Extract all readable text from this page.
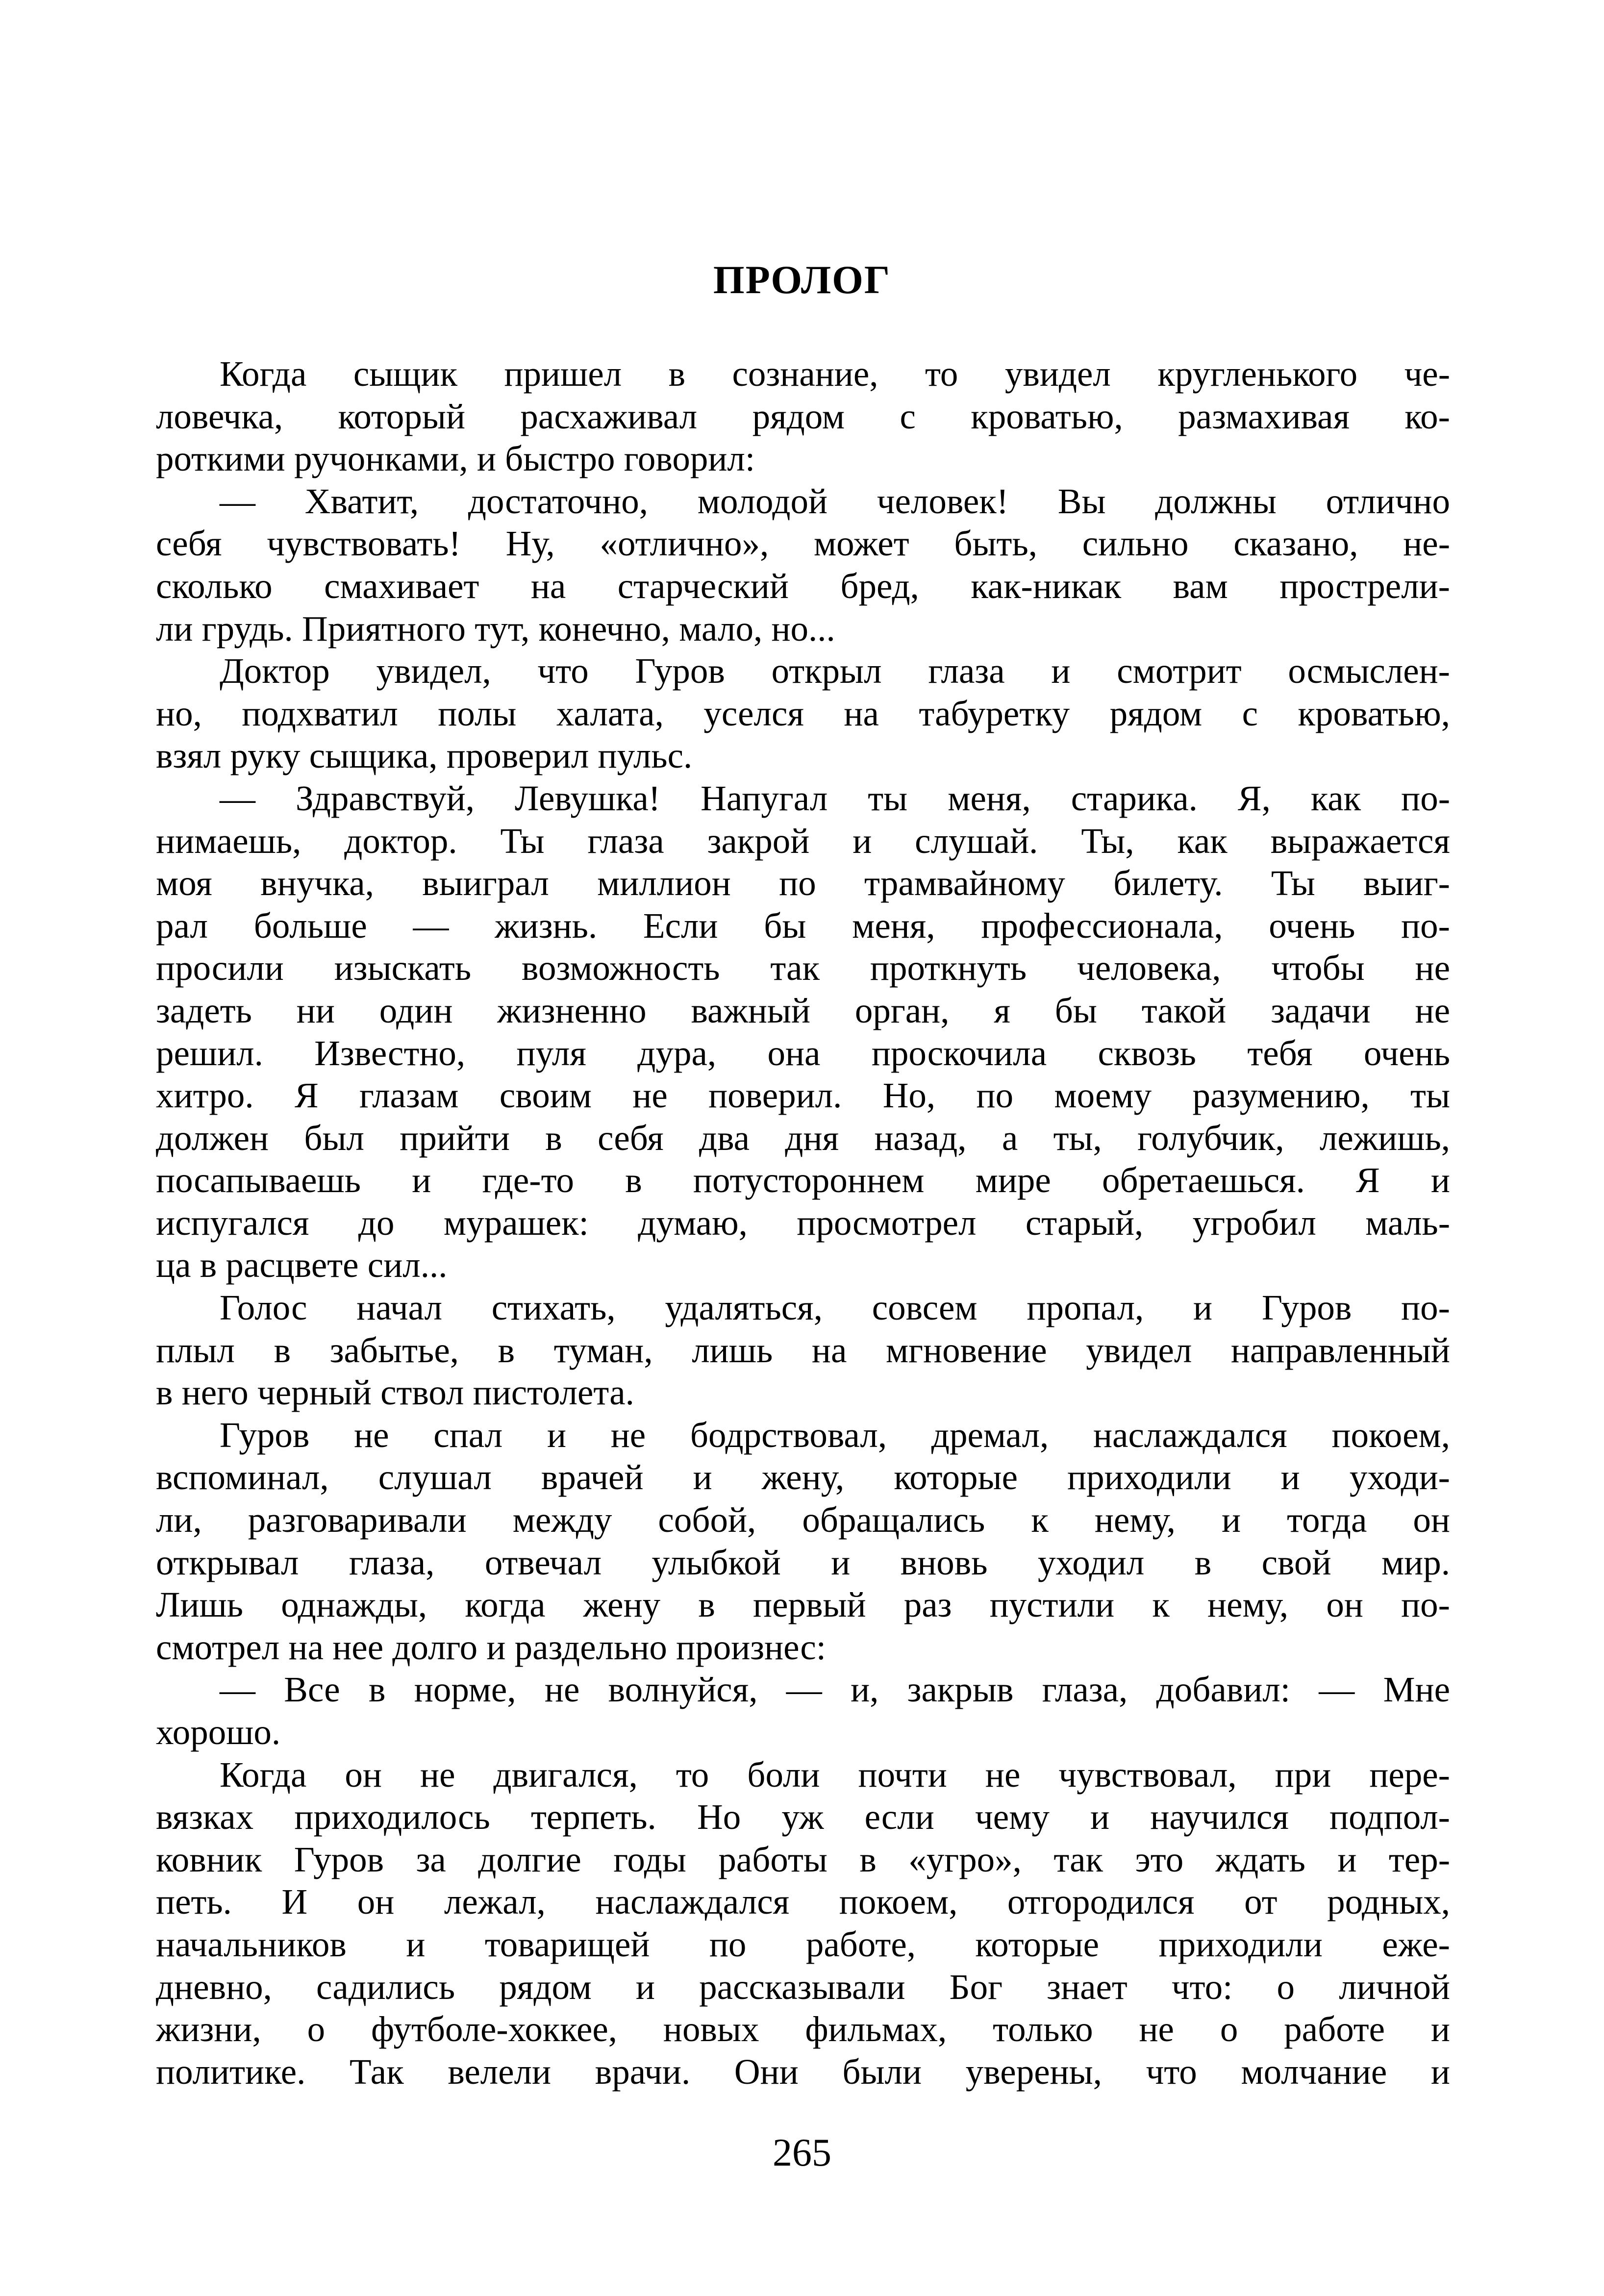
ПРОЛОГ
Когда сыщик пришел в сознание, то увидел кругленького че-
ловечка, который расхаживал рядом с кроватью, размахивая ко-
роткими ручонками, и быстро говорил:
— Хватит, достаточно, молодой человек! Вы должны отлично
себя чувствовать! Ну, «отлично», может быть, сильно сказано, не-
сколько смахивает на старческий бред, как-никак вам прострели-
ли грудь. Приятного тут, конечно, мало, но...
Доктор увидел, что Гуров открыл глаза и смотрит осмыслен-
но, подхватил полы халата, уселся на табуретку рядом с кроватью,
взял руку сыщика, проверил пульс.
— Здравствуй, Левушка! Напугал ты меня, старика. Я, как по-
нимаешь, доктор. Ты глаза закрой и слушай. Ты, как выражается
моя внучка, выиграл миллион по трамвайному билету. Ты выиг-
рал больше — жизнь. Если бы меня, профессионала, очень по-
просили изыскать возможность так проткнуть человека, чтобы не
задеть ни один жизненно важный орган, я бы такой задачи не
решил. Известно, пуля дура, она проскочила сквозь тебя очень
хитро. Я глазам своим не поверил. Но, по моему разумению, ты
должен был прийти в себя два дня назад, а ты, голубчик, лежишь,
посапываешь и где-то в потустороннем мире обретаешься. Я и
испугался до мурашек: думаю, просмотрел старый, угробил маль-
ца в расцвете сил...
Голос начал стихать, удаляться, совсем пропал, и Гуров по-
плыл в забытье, в туман, лишь на мгновение увидел направленный
в него черный ствол пистолета.
Гуров не спал и не бодрствовал, дремал, наслаждался покоем,
вспоминал, слушал врачей и жену, которые приходили и уходи-
ли, разговаривали между собой, обращались к нему, и тогда он
открывал глаза, отвечал улыбкой и вновь уходил в свой мир.
Лишь однажды, когда жену в первый раз пустили к нему, он по-
смотрел на нее долго и раздельно произнес:
— Все в норме, не волнуйся, — и, закрыв глаза, добавил: — Мне
хорошо.
Когда он не двигался, то боли почти не чувствовал, при пере-
вязках приходилось терпеть. Но уж если чему и научился подпол-
ковник Гуров за долгие годы работы в «угро», так это ждать и тер-
петь. И он лежал, наслаждался покоем, отгородился от родных,
начальников и товарищей по работе, которые приходили еже-
дневно, садились рядом и рассказывали Бог знает что: о личной
жизни, о футболе-хоккее, новых фильмах, только не о работе и
политике. Так велели врачи. Они были уверены, что молчание и
265
